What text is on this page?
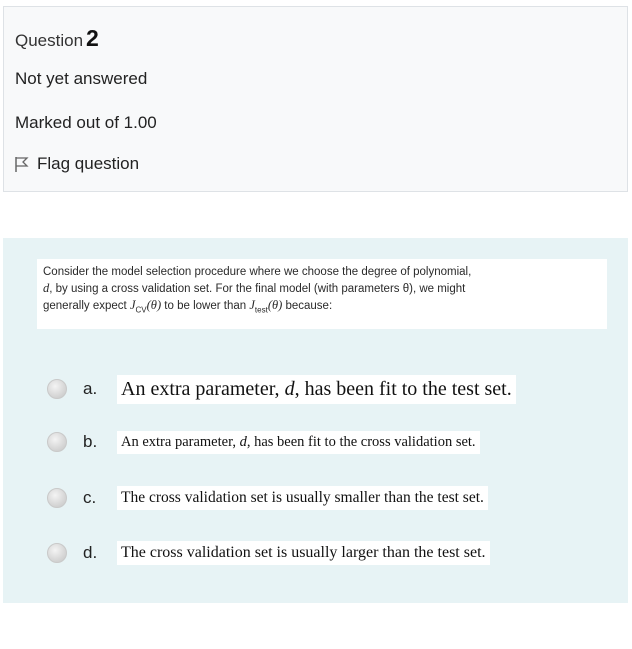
Question 2
Not yet answered
Marked out of 1.00
Flag question
Consider the model selection procedure where we choose the degree of polynomial,
d, by using a cross validation set. For the final model (with parameters θ), we might
generally expect $J_{CV}(\theta)$ to be lower than $J_{test}(\theta)$ because:
a.	An extra parameter, d, has been fit to the test set.
b.	An extra parameter, d, has been fit to the cross validation set.
c.	The cross validation set is usually smaller than the test set.
d.	The cross validation set is usually larger than the test set.
